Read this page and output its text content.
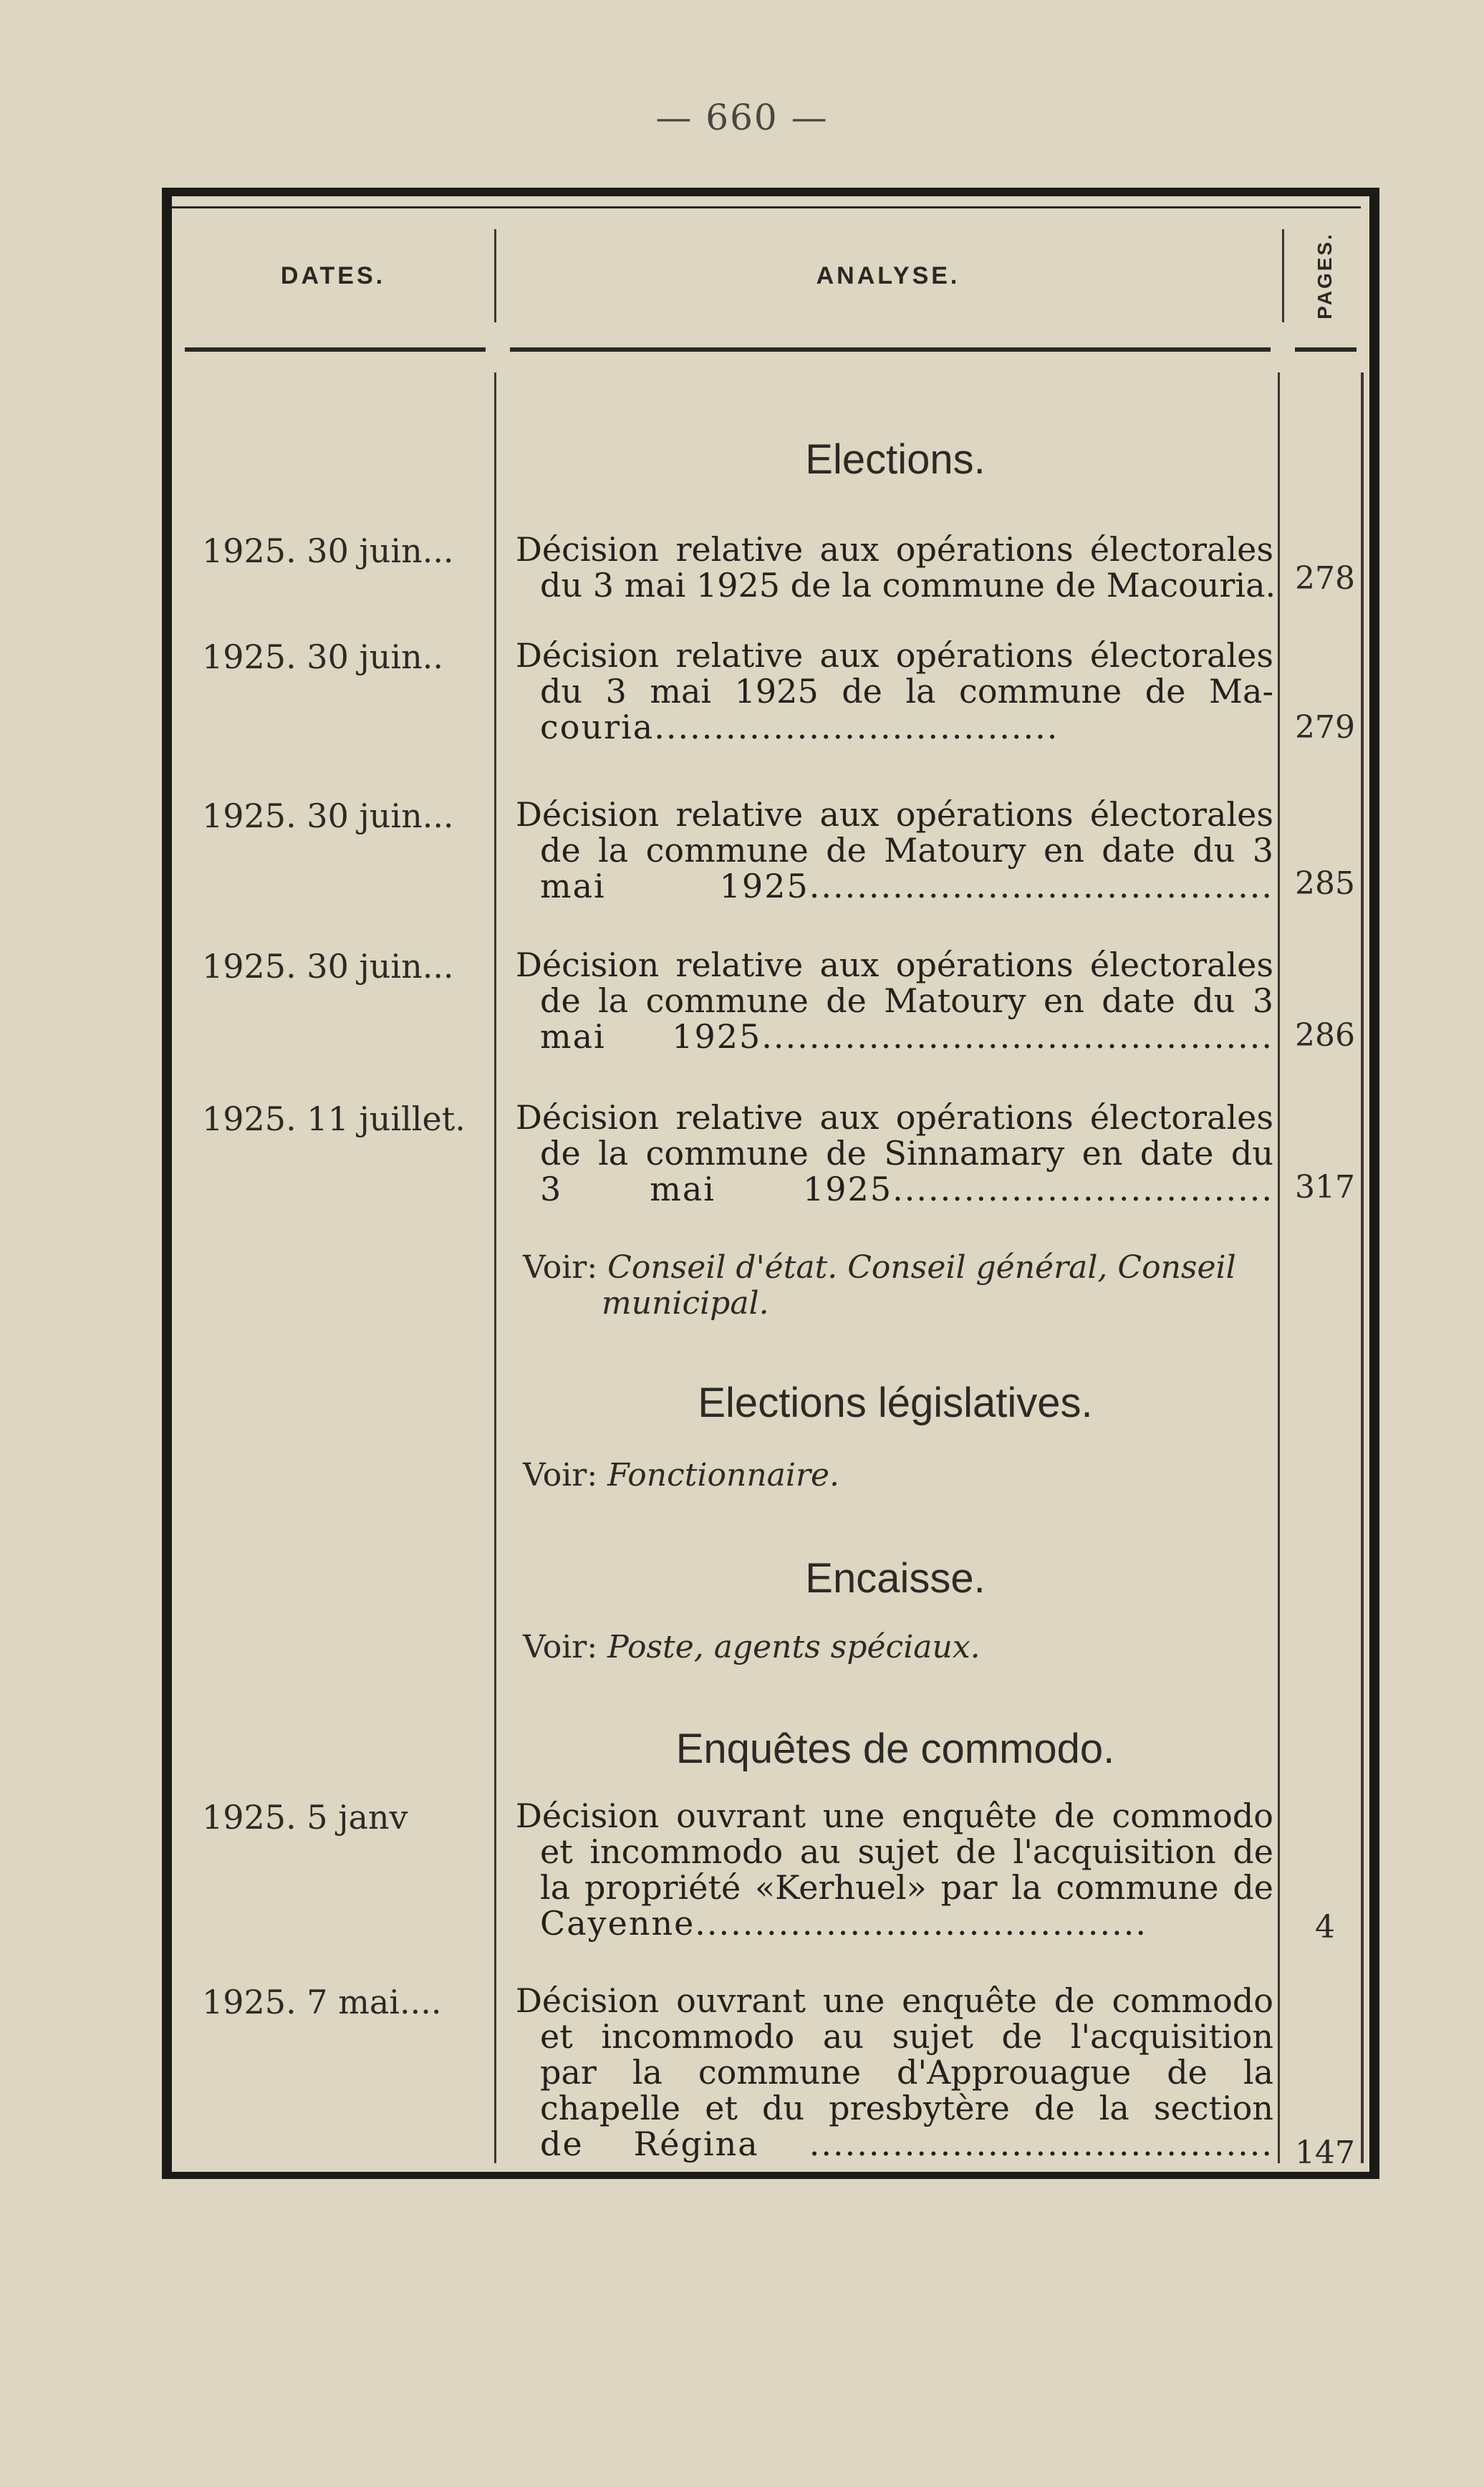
— 660 —
DATES.	ANALYSE.	PAGES.
Elections.
1925. 30 juin...	Décision relative aux opérations électorales
du 3 mai 1925 de la commune de Macouria. 278
1925. 30 juin..	Décision relative aux opérations électorales
du 3 mai 1925 de la commune de Ma-
couria..................................	279
1925. 30 juin...	Décision relative aux opérations électorales
de la commune de Matoury en date du 3
mai 1925....................................... 285
1925. 30 juin...	Décision relative aux opérations électorales
de la commune de Matoury en date du 3
mai 1925........................................... 286
1925. 11 juillet.	Décision relative aux opérations électorales
de la commune de Sinnamary en date du
3 mai 1925................................ 317
Voir: Conseil d'état. Conseil général, Conseil
municipal.
Elections législatives.
Voir: Fonctionnaire.
Encaisse.
Voir: Poste, agents spéciaux.
Enquêtes de commodo.
1925. 5 janv	Décision ouvrant une enquête de commodo
et incommodo au sujet de l'acquisition de
la propriété «Kerhuel» par la commune de
Cayenne......................................	4
1925. 7 mai....	Décision ouvrant une enquête de commodo
et incommodo au sujet de l'acquisition
par la commune d'Approuague de la
chapelle et du presbytère de la section
de Régina ....................................... 147
